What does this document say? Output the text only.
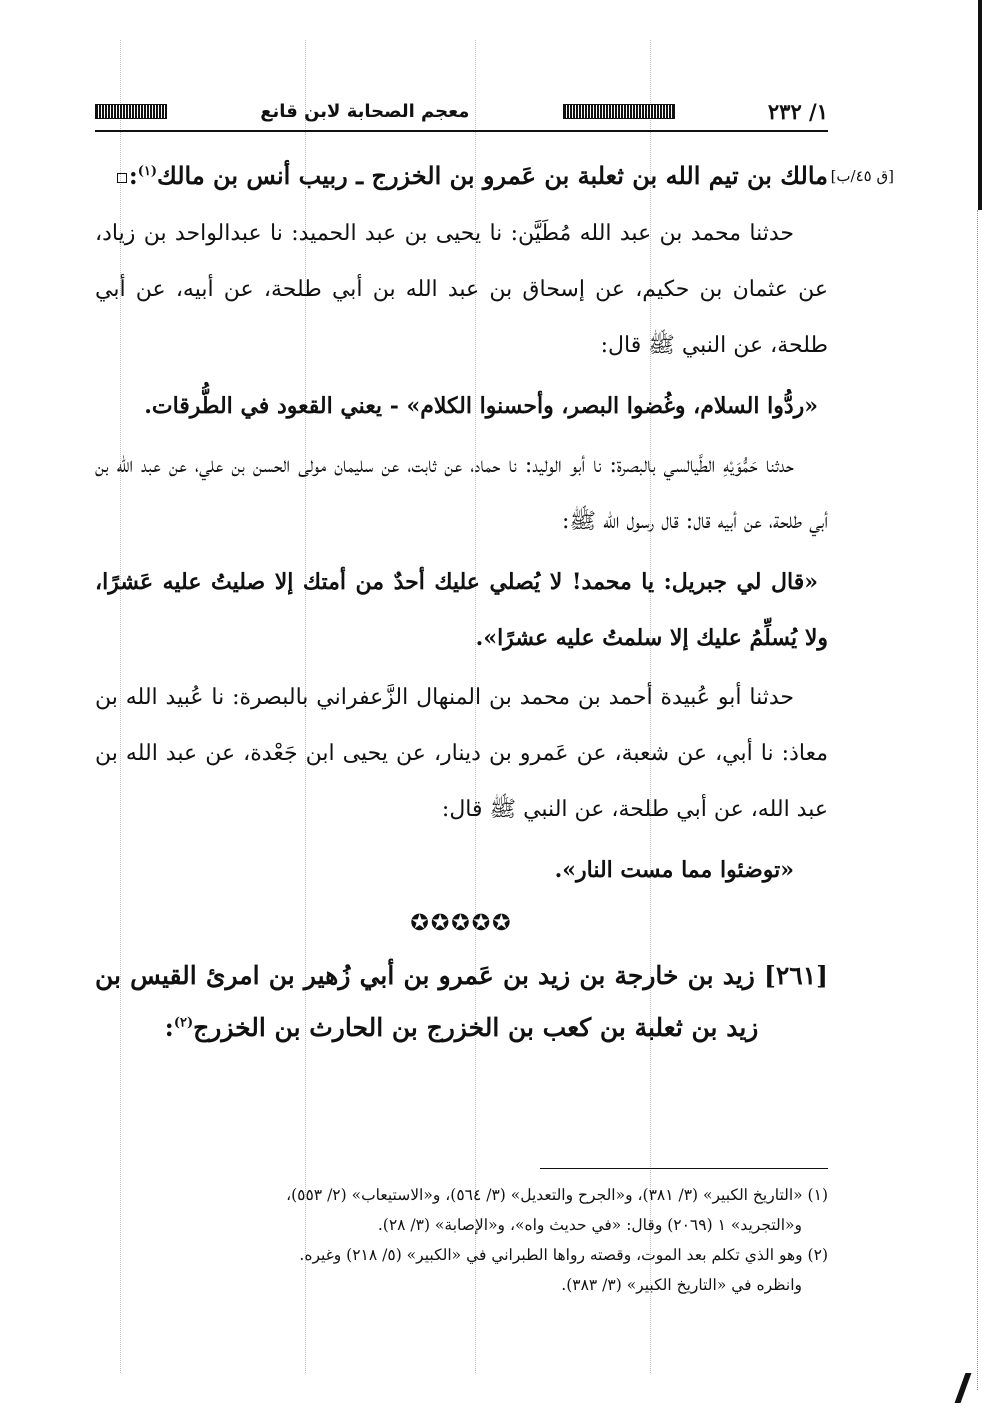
١/ ٢٣٢
معجم الصحابة لابن قانع
[ق ٤٥/ب]
مالك بن تيم الله بن ثعلبة بن عَمرو بن الخزرج ـ ربيب أنس بن مالك$^{(١)}$:

حدثنا محمد بن عبد الله مُطَيَّن: نا يحيى بن عبد الحميد: نا عبدالواحد بن زياد، عن عثمان بن حكيم، عن إسحاق بن عبد الله بن أبي طلحة، عن أبيه، عن أبي طلحة، عن النبي ﷺ قال:

«ردُّوا السلام، وغُضوا البصر، وأحسنوا الكلام» - يعني القعود في الطُّرقات.

حدثنا حَمُّوَيْهِ الطَّيالسي بالبصرة: نا أبو الوليد: نا حماد، عن ثابت، عن سليمان مولى الحسن بن علي، عن عبد الله بن أبي طلحة، عن أبيه قال: قال رسول الله ﷺ:

«قال لي جبريل: يا محمد! لا يُصلي عليك أحدٌ من أمتك إلا صليتُ عليه عَشرًا، ولا يُسلِّمُ عليك إلا سلمتُ عليه عشرًا».

حدثنا أبو عُبيدة أحمد بن محمد بن المنهال الزَّعفراني بالبصرة: نا عُبيد الله بن معاذ: نا أبي، عن شعبة، عن عَمرو بن دينار، عن يحيى ابن جَعْدة، عن عبد الله بن عبد الله، عن أبي طلحة، عن النبي ﷺ قال:

«توضئوا مما مست النار».

✪✪✪✪✪

[٢٦١] زيد بن خارجة بن زيد بن عَمرو بن أبي زُهير بن امرئ القيس بن زيد بن ثعلبة بن كعب بن الخزرج بن الحارث بن الخزرج$^{(٢)}$:

(١) «التاريخ الكبير» (٣/ ٣٨١)، و«الجرح والتعديل» (٣/ ٥٦٤)، و«الاستيعاب» (٢/ ٥٥٣)،

و«التجريد» ١ (٢٠٦٩) وقال: «في حديث واه»، و«الإصابة» (٣/ ٢٨).

(٢) وهو الذي تكلم بعد الموت، وقصته رواها الطبراني في «الكبير» (٥/ ٢١٨) وغيره.

وانظره في «التاريخ الكبير» (٣/ ٣٨٣).
